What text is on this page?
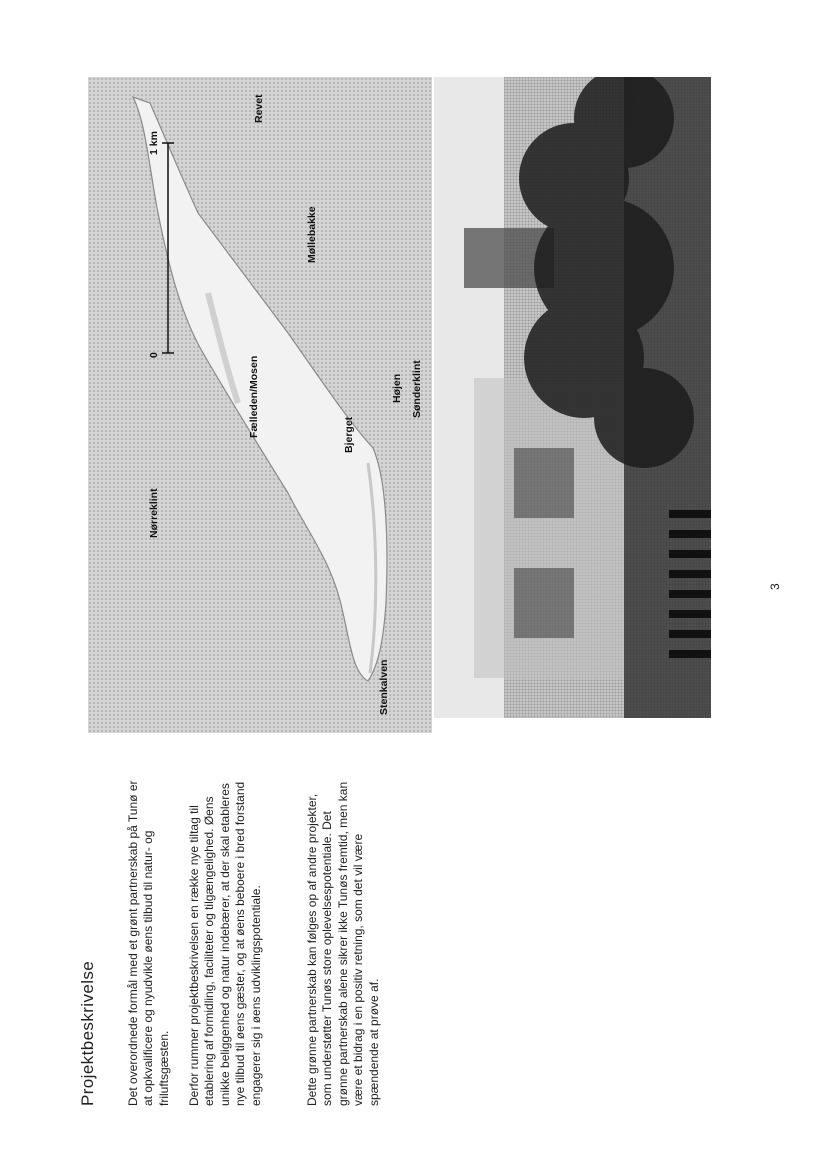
Projektbeskrivelse Det overordnede formål med et grønt partnerskab på Tunø er at opkvalificere og nyudvikle øens tilbud til natur- og friluftsgæsten. Derfor rummer projektbeskrivelsen en række nye tiltag til etablering af formidling, faciliteter og tilgængelighed. Øens unikke beliggenhed og natur indebærer, at der skal etableres nye tilbud til øens gæster, og at øens beboere i bred forstand engagerer sig i øens udviklingspotentiale.	Dette grønne partnerskab kan følges op af andre projekter, som understøtter Tunøs store oplevelsespotentiale. Det grønne partnerskab alene sikrer ikke Tunøs fremtid, men kan være et bidrag i en positiv retning, som det vil være spændende at prøve af.

Stenkalven
Nørreklint
Fælleden/Mosen	Bjerget
Højen Sønderklint
Møllebakke
Revet
0
1 km

3
